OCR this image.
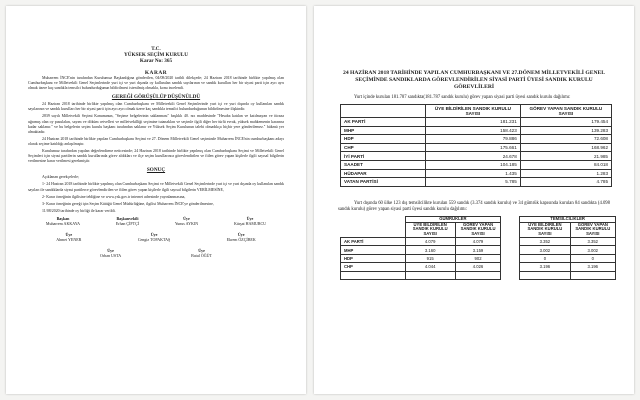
T.C.
YÜKSEK SEÇİM KURULU
Karar No: 365
KARAR

Muharrem İNCE'nin tarafından Kurulumuz Başkanlığına gönderilen, 04/08/2020 tarihli dilekçede; 24 Haziran 2018 tarihinde birlikte yapılmış olan Cumhurbaşkanı ve Milletvekili Genel Seçimlerinde yurt içi ve yurt dışında oy kullanılan sandık sayılarının ve sandık kurulları her bir siyasi parti için ayrı ayrı olmak üzere kaç sandıkla temsilci bulundurduğunun bildirilmesi istenilmiş olmakla, konu incelendi.

GEREĞİ GÖRÜŞÜLÜP DÜŞÜNÜLDÜ

24 Haziran 2018 tarihinde birlikte yapılmış olan Cumhurbaşkanı ve Milletvekili Genel Seçimlerinde yurt içi ve yurt dışında oy kullanılan sandık sayılarının ve sandık kurulları her bir siyasi parti için ayrı ayrı olmak üzere kaç sandıkla temsilci bulundurduğunun bildirilmesine ilişkindir.

2839 sayılı Milletvekili Seçimi Kanununun, "Seçime belgelerinin saklanması" başlıklı 40. ncı maddesinde "Hesaba katılan ve katılmayan ve itiraza uğramış olan oy pusulaları, sayım ve döküm cetvelleri ve milletvekilliği seçimine tutanakları ve seçimle ilgili diğer her türlü evrak, yüksek mahkemenin kararına kadar saklanır." ve bu belgelerin seçim kurulu başkanı tarafından saklanır ve Yüksek Seçim Kurulunun talebi olmadıkça hiçbir yere gönderilemez." hükmü yer almaktadır.

24 Haziran 2018 tarihinde birlikte yapılan Cumhurbaşkanı Seçimi ve 27. Dönem Milletvekili Genel seçiminde Muharrem İNCE'nin cumhurbaşkanı adayı olarak seçime katıldığı anlaşılmıştır.

Kurulumuz tarafından yapılan değerlendirme neticesinde; 24 Haziran 2018 tarihinde birlikte yapılmış olan Cumhurbaşkanı Seçimi ve Milletvekili Genel Seçimleri için siyasi partilerin sandık kurullarında görev aldıkları ve ilçe seçim kurullarınca görevlendirilen ve fiilen görev yapan kişilerle ilgili sayısal bilgilerin verilmesine karar verilmesi gerekmiştir.

SONUÇ

Açıklanan gerekçelerle;

1- 24 Haziran 2018 tarihinde birlikte yapılmış olan Cumhurbaşkanı Seçimi ve Milletvekili Genel Seçimlerinde yurt içi ve yurt dışında oy kullanılan sandık sayıları ile sandıklarda siyasi partilerce görevlendirilen ve fiilen görev yapan kişilerle ilgili sayısal bilgilerin VERİLMESİNE,

2- Karar örneğinin ilgilisine tebliğine ve www.ysk.gov.tr internet adresinde yayınlanmasına,

3- Karar örneğinin gereği için Seçim Kütüğü Genel Müdürlüğüne, ilgilisi Muharrem İNCE'ye gönderilmesine,

11/08/2020 tarihinde oy birliği ile karar verildi.

Başkan
Muharrem AKKAYA
Başkanvekili
Erhan ÇİFTÇİ
Üye
Yunus AYKIN
Üye
Kürşat HAMURCU
Üye
Ahmet YENER
Üye
Cengiz TOPAKTAŞ
Üye
Ekrem ÖZÇİBEK
Üye
Orhan USTA
Üye
Batul ÖĞÜT
24 HAZİRAN 2018 TARİHİNDE YAPILAN CUMHURBAŞKANI VE 27.DÖNEM MİLLETVEKİLİ GENEL SEÇİMİNDE SANDIKLARDA GÖREVLENDİRİLEN SİYASİ PARTİ ÜYESİ SANDIK KURULU GÖREVLİLERİ

Yurt içinde kurulan 181.787 sandıkta(181.787 sandık kurulu) görev yapan siyasi parti üyesi sandık kurulu dağılımı:

	ÜYE BİLDİRİLEN SANDIK KURULU SAYISI	GÖREV YAPAN SANDIK KURULU SAYISI
AK PARTİ	181.231	179.454
MHP	158.423	139.283
HDP	79.886	72.608
CHP	175.661	168.962
İYİ PARTİ	24.678	21.985
SAADET	104.185	84.018
HÜDAPAR	1.435	1.283
VATAN PARTİSİ	5.785	4.785

Yurt dışında 60 ülke 123 dış temsilcilikte kurulan 559 sandık (3.374 sandık kurulu) ve 34 gümrük kapısında kurulan 84 sandıkta (4.098 sandık kurulu) görev yapan siyasi parti üyesi sandık kurulu dağılımı:

	GÜMRÜKLER			TEMSİLCİLİKLER	
	ÜYE BİLDİRİLEN SANDIK KURULU SAYISI	GÖREV YAPAN SANDIK KURULU SAYISI		ÜYE BİLDİRİLEN SANDIK KURULU SAYISI	GÖREV YAPAN SANDIK KURULU SAYISI
AK PARTİ	4.079	4.079		3.352	3.352
MHP	3.160	3.159		3.002	3.002
HDP	915	902		0	0
CHP	4.044	4.026		3.196	3.196
